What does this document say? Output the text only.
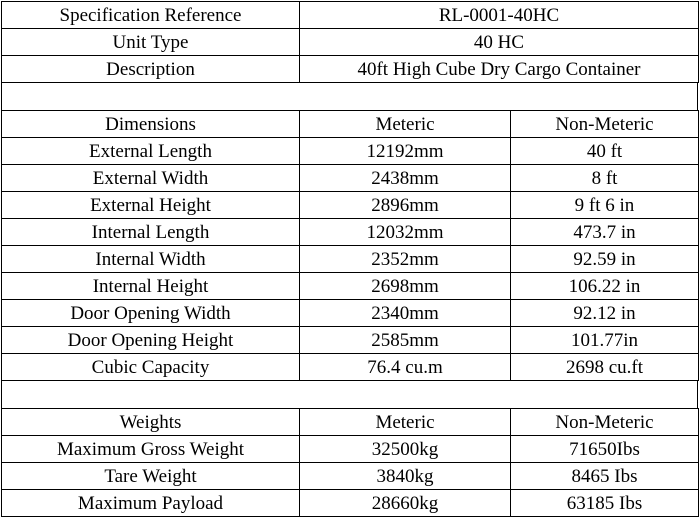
Specification Reference	RL-0001-40HC
Unit Type	40 HC
Description	40ft High Cube Dry Cargo Container
Dimensions	Meteric	Non-Meteric
External Length	12192mm	40 ft
External Width	2438mm	8 ft
External Height	2896mm	9 ft 6 in
Internal Length	12032mm	473.7 in
Internal Width	2352mm	92.59 in
Internal Height	2698mm	106.22 in
Door Opening Width	2340mm	92.12 in
Door Opening Height	2585mm	101.77in
Cubic Capacity	76.4 cu.m	2698 cu.ft
Weights	Meteric	Non-Meteric
Maximum Gross Weight	32500kg	71650Ibs
Tare Weight	3840kg	8465 Ibs
Maximum Payload	28660kg	63185 Ibs
